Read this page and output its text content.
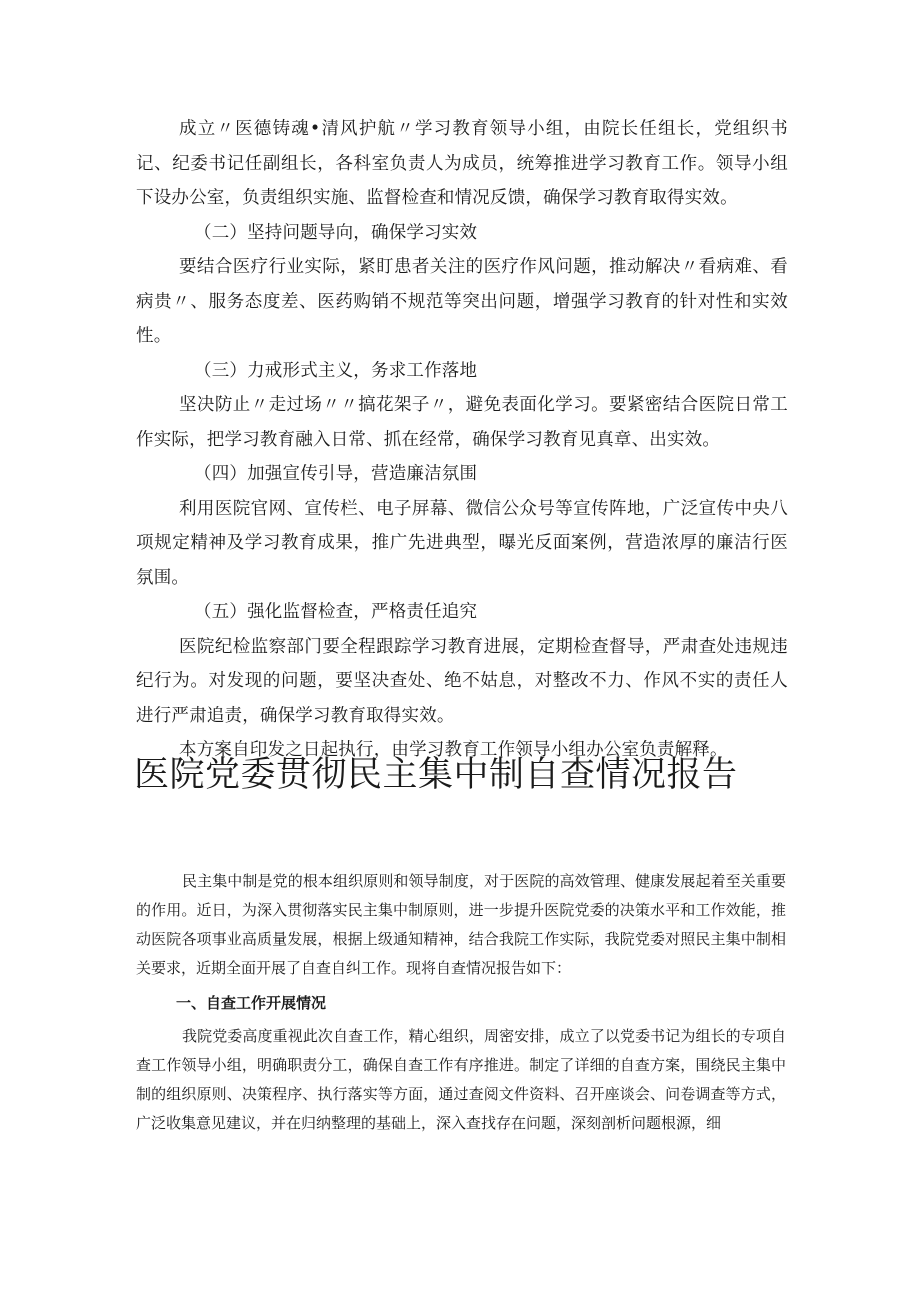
成立〃医德铸魂•清风护航〃学习教育领导小组，由院长任组长，党组织书记、纪委书记任副组长，各科室负责人为成员，统筹推进学习教育工作。领导小组下设办公室，负责组织实施、监督检查和情况反馈，确保学习教育取得实效。

（二）坚持问题导向，确保学习实效

要结合医疗行业实际，紧盯患者关注的医疗作风问题，推动解决〃看病难、看病贵〃、服务态度差、医药购销不规范等突出问题，增强学习教育的针对性和实效性。

（三）力戒形式主义，务求工作落地

坚决防止〃走过场〃〃搞花架子〃，避免表面化学习。要紧密结合医院日常工作实际，把学习教育融入日常、抓在经常，确保学习教育见真章、出实效。

（四）加强宣传引导，营造廉洁氛围

利用医院官网、宣传栏、电子屏幕、微信公众号等宣传阵地，广泛宣传中央八项规定精神及学习教育成果，推广先进典型，曝光反面案例，营造浓厚的廉洁行医氛围。

（五）强化监督检查，严格责任追究

医院纪检监察部门要全程跟踪学习教育进展，定期检查督导，严肃查处违规违纪行为。对发现的问题，要坚决查处、绝不姑息，对整改不力、作风不实的责任人进行严肃追责，确保学习教育取得实效。

本方案自印发之日起执行，由学习教育工作领导小组办公室负责解释。

医院党委贯彻民主集中制自查情况报告

民主集中制是党的根本组织原则和领导制度，对于医院的高效管理、健康发展起着至关重要的作用。近日，为深入贯彻落实民主集中制原则，进一步提升医院党委的决策水平和工作效能，推动医院各项事业高质量发展，根据上级通知精神，结合我院工作实际，我院党委对照民主集中制相关要求，近期全面开展了自查自纠工作。现将自查情况报告如下：

一、自查工作开展情况

我院党委高度重视此次自查工作，精心组织，周密安排，成立了以党委书记为组长的专项自查工作领导小组，明确职责分工，确保自查工作有序推进。制定了详细的自查方案，围绕民主集中制的组织原则、决策程序、执行落实等方面，通过查阅文件资料、召开座谈会、问卷调查等方式，广泛收集意见建议，并在归纳整理的基础上，深入查找存在问题，深刻剖析问题根源，细
